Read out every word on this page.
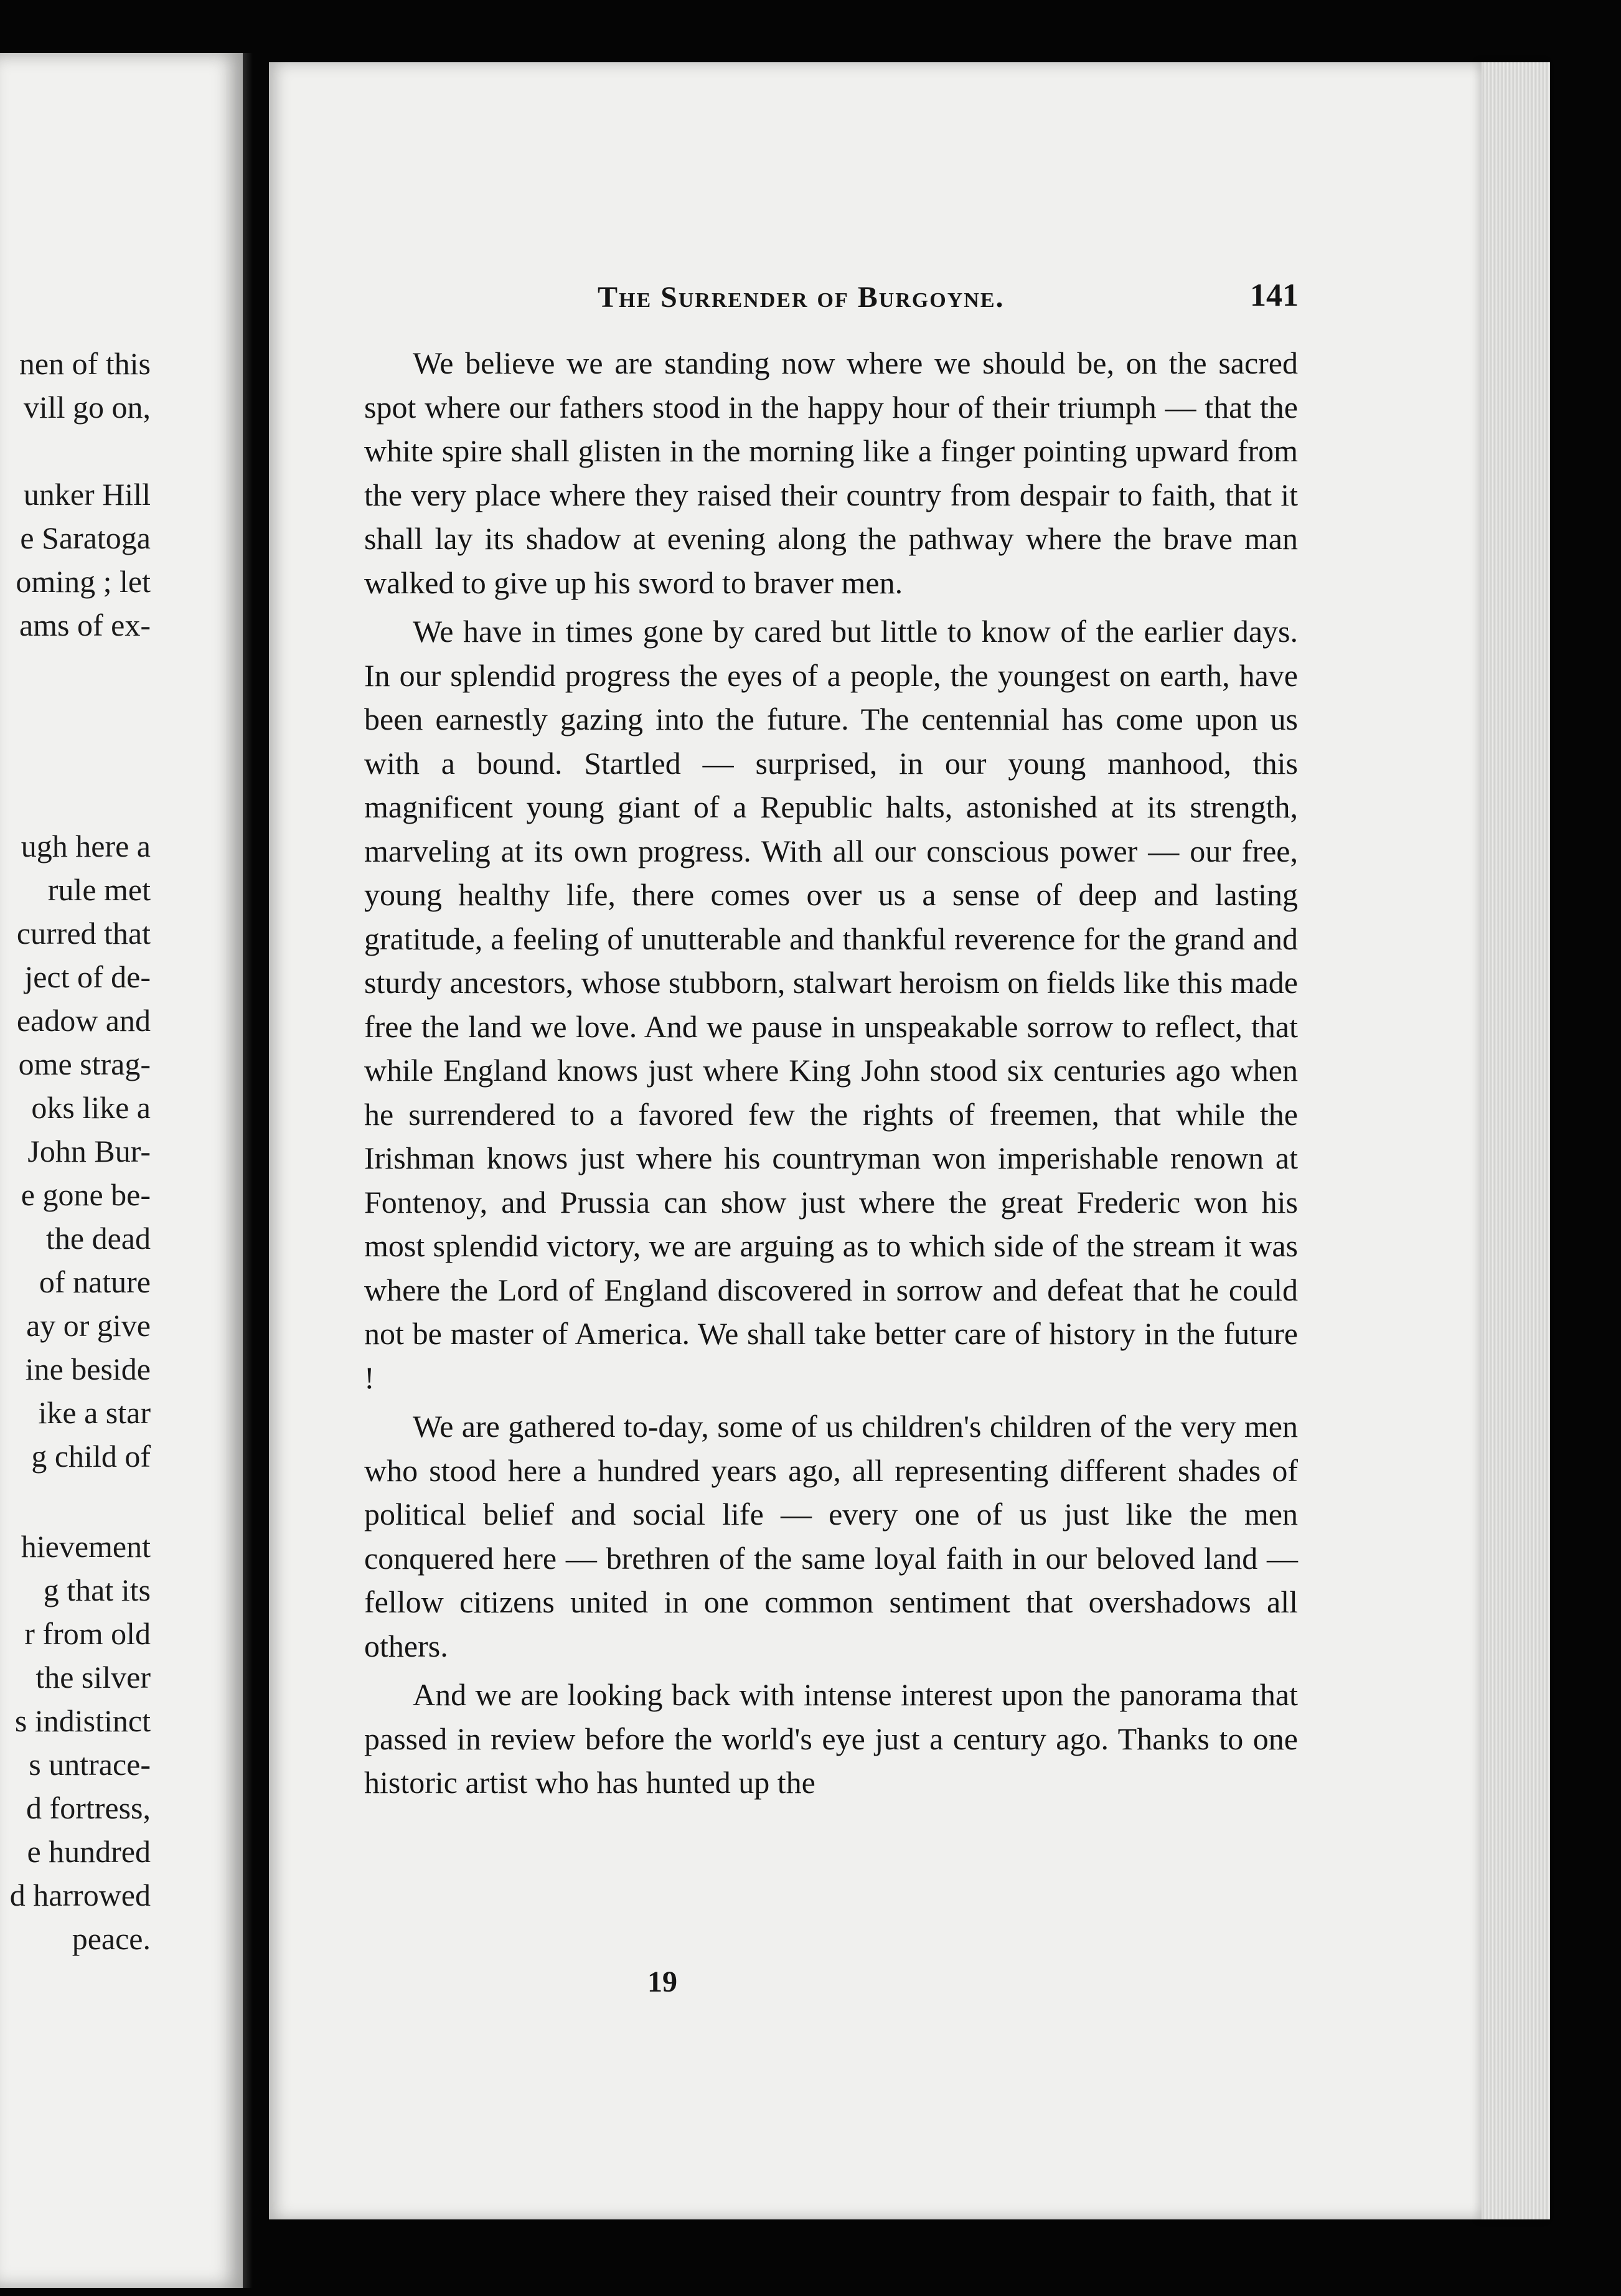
nen of this
vill go on,
unker Hill
e Saratoga
oming ; let
ams of ex-
ugh here a
rule met
curred that
ject of de-
eadow and
ome strag-
oks like a
John Bur-
e gone be-
the dead
of nature
ay or give
ine beside
ike a star
g child of
hievement
g that its
r from old
the silver
s indistinct
s untrace-
d fortress,
e hundred
d harrowed
peace.
The Surrender of Burgoyne.	141

We believe we are standing now where we should be, on the sacred spot where our fathers stood in the happy hour of their triumph — that the white spire shall glisten in the morning like a finger pointing upward from the very place where they raised their country from despair to faith, that it shall lay its shadow at evening along the pathway where the brave man walked to give up his sword to braver men.

We have in times gone by cared but little to know of the earlier days. In our splendid progress the eyes of a people, the youngest on earth, have been earnestly gazing into the future. The centennial has come upon us with a bound. Startled — surprised, in our young manhood, this magnificent young giant of a Republic halts, astonished at its strength, marveling at its own progress. With all our conscious power — our free, young healthy life, there comes over us a sense of deep and lasting gratitude, a feeling of unutterable and thankful reverence for the grand and sturdy ancestors, whose stubborn, stalwart heroism on fields like this made free the land we love. And we pause in unspeakable sorrow to reflect, that while England knows just where King John stood six centuries ago when he surrendered to a favored few the rights of freemen, that while the Irishman knows just where his countryman won imperishable renown at Fontenoy, and Prussia can show just where the great Frederic won his most splendid victory, we are arguing as to which side of the stream it was where the Lord of England discovered in sorrow and defeat that he could not be master of America. We shall take better care of history in the future !

We are gathered to-day, some of us children's children of the very men who stood here a hundred years ago, all representing different shades of political belief and social life — every one of us just like the men conquered here — brethren of the same loyal faith in our beloved land — fellow citizens united in one common sentiment that overshadows all others.

And we are looking back with intense interest upon the panorama that passed in review before the world's eye just a century ago. Thanks to one historic artist who has hunted up the

19
